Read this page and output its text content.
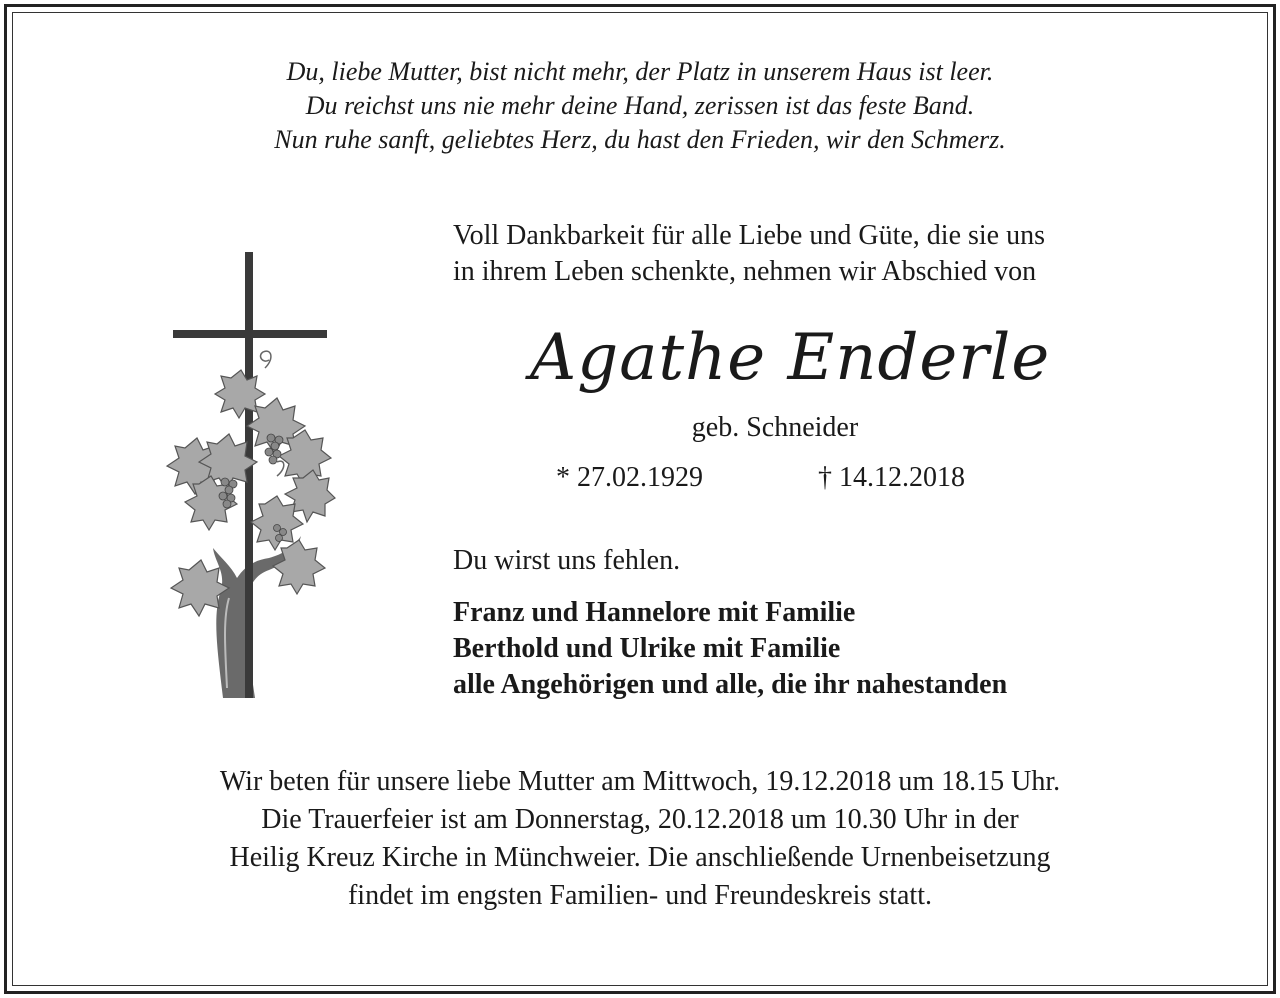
Du, liebe Mutter, bist nicht mehr, der Platz in unserem Haus ist leer.
Du reichst uns nie mehr deine Hand, zerissen ist das feste Band.
Nun ruhe sanft, geliebtes Herz, du hast den Frieden, wir den Schmerz.
Voll Dankbarkeit für alle Liebe und Güte, die sie uns
in ihrem Leben schenkte, nehmen wir Abschied von
Agathe Enderle
geb. Schneider
* 27.02.1929	† 14.12.2018
Du wirst uns fehlen.
Franz und Hannelore mit Familie
Berthold und Ulrike mit Familie
alle Angehörigen und alle, die ihr nahestanden
Wir beten für unsere liebe Mutter am Mittwoch, 19.12.2018 um 18.15 Uhr.
Die Trauerfeier ist am Donnerstag, 20.12.2018 um 10.30 Uhr in der
Heilig Kreuz Kirche in Münchweier. Die anschließende Urnenbeisetzung
findet im engsten Familien- und Freundeskreis statt.
